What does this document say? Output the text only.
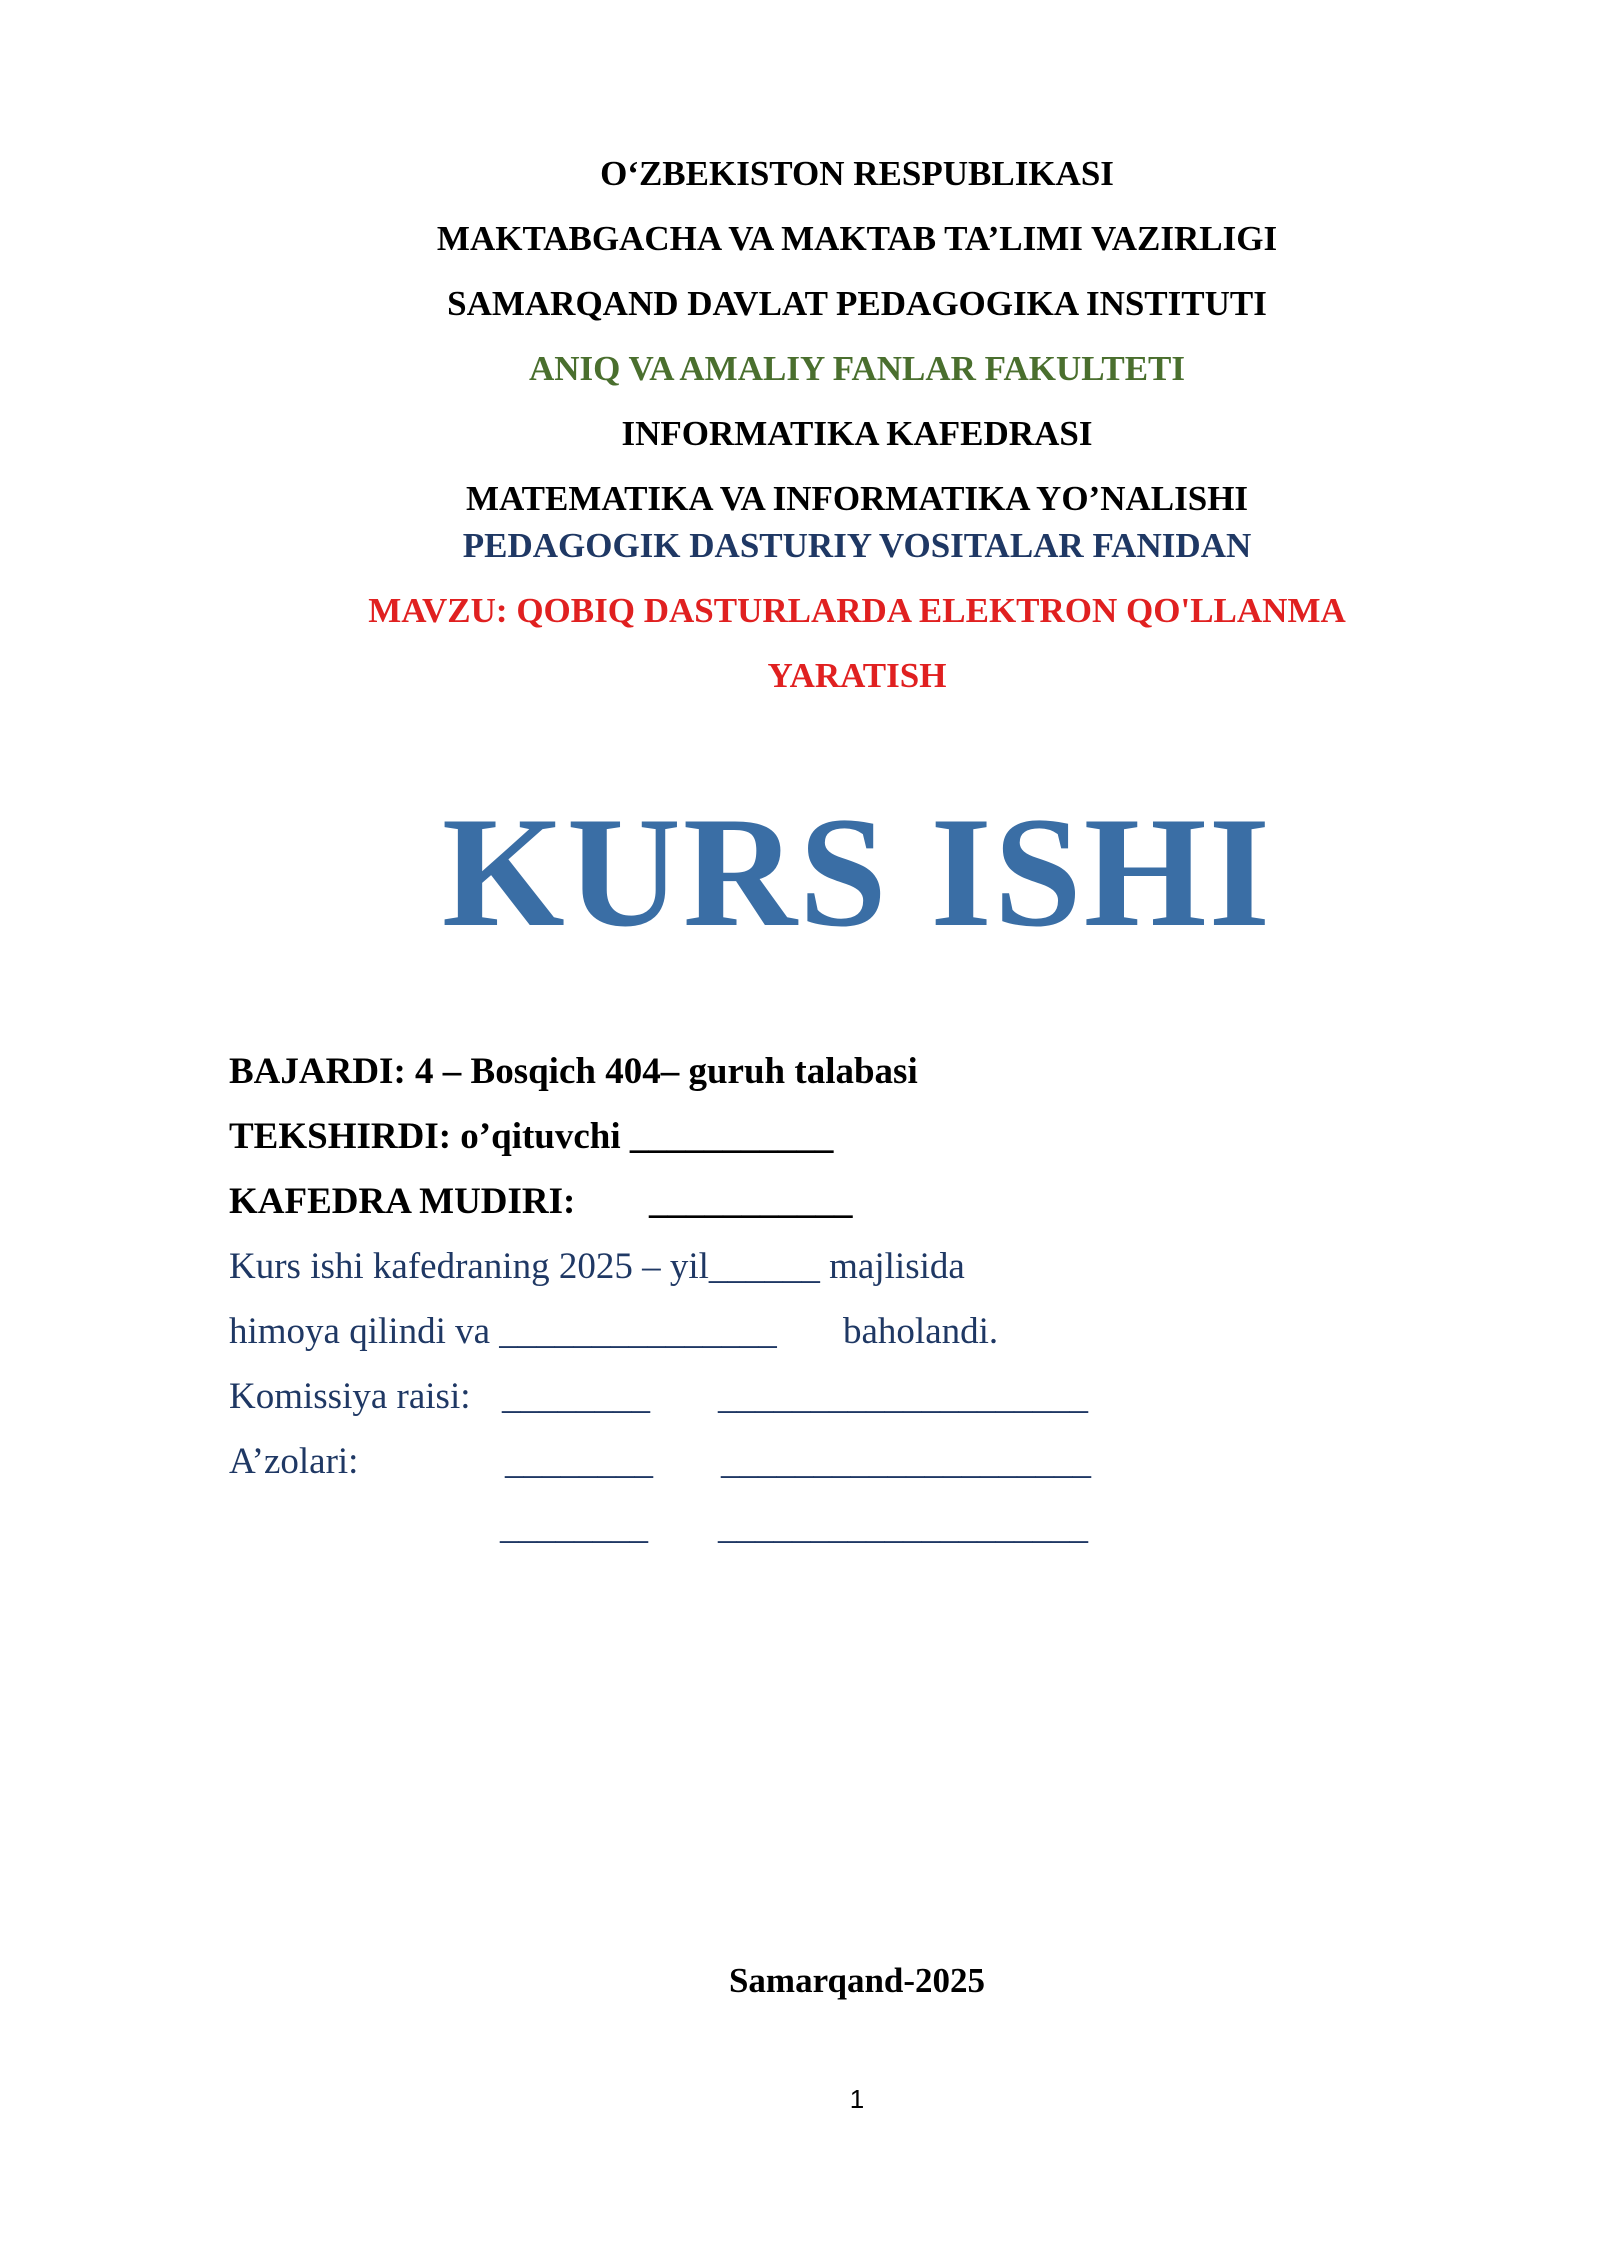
O‘ZBEKISTON RESPUBLIKASI
MAKTABGACHA VA MAKTAB TA’LIMI VAZIRLIGI
SAMARQAND DAVLAT PEDAGOGIKA INSTITUTI
ANIQ VA AMALIY FANLAR FAKULTETI
INFORMATIKA KAFEDRASI
MATEMATIKA VA INFORMATIKA YO’NALISHI
PEDAGOGIK DASTURIY VOSITALAR FANIDAN
MAVZU: QOBIQ DASTURLARDA ELEKTRON QO'LLANMA
YARATISH
KURS ISHI
BAJARDI: 4 – Bosqich 404– guruh talabasi
TEKSHIRDI: o’qituvchi ___________
KAFEDRA MUDIRI: ___________
Kurs ishi kafedraning 2025 – yil______ majlisida
himoya qilindi va _______________ baholandi.
Komissiya raisi: ________ ____________________
A’zolari:	________ ____________________
________ ____________________
Samarqand-2025
1
